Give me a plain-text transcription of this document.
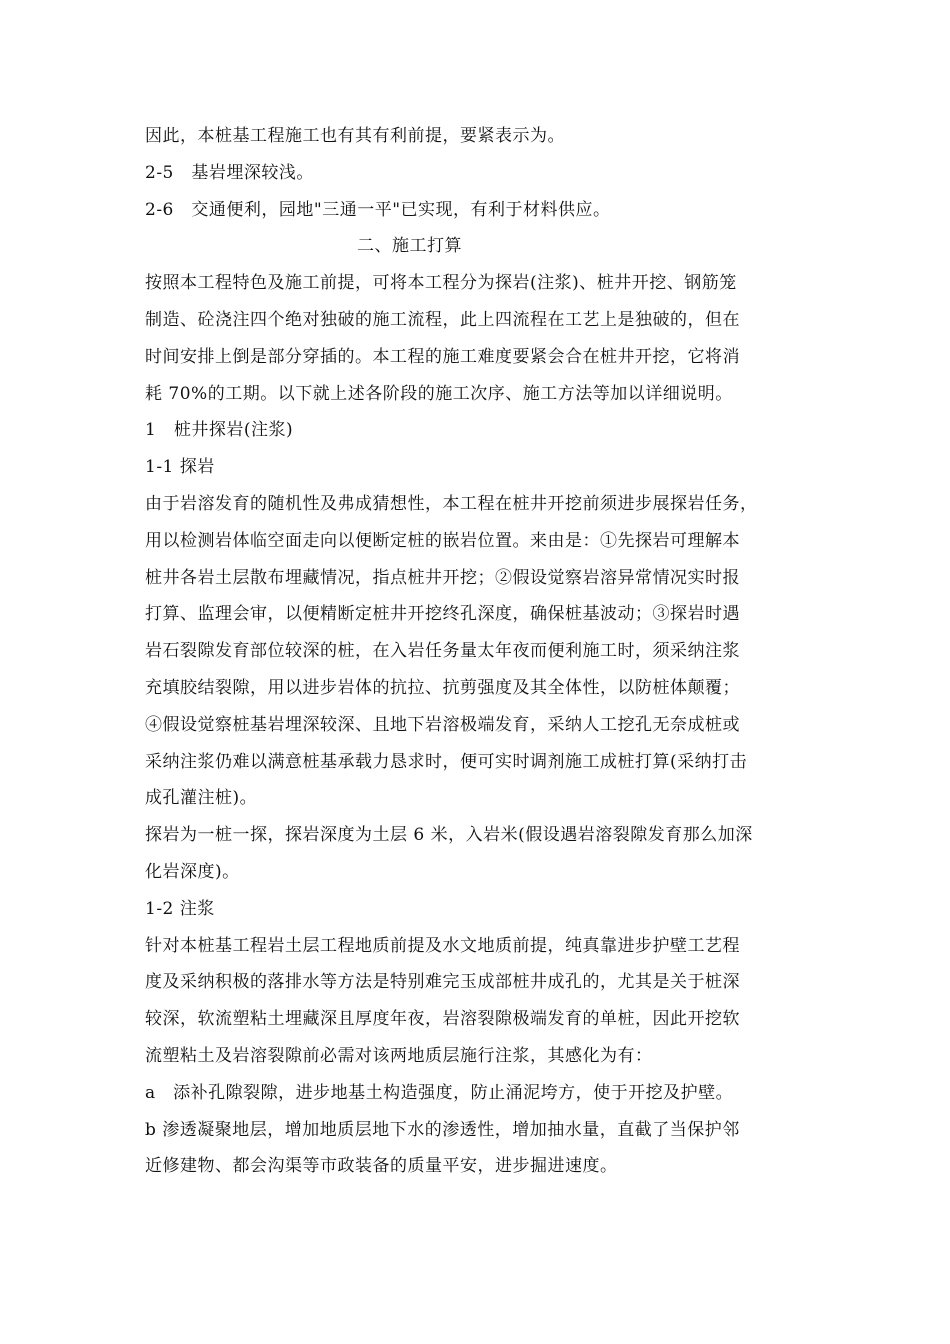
因此，本桩基工程施工也有其有利前提，要紧表示为。
2-5　基岩埋深较浅。
2-6　交通便利，园地"三通一平"已实现，有利于材料供应。
二、施工打算
按照本工程特色及施工前提，可将本工程分为探岩(注浆)、桩井开挖、钢筋笼
制造、砼浇注四个绝对独破的施工流程，此上四流程在工艺上是独破的，但在
时间安排上倒是部分穿插的。本工程的施工难度要紧会合在桩井开挖，它将消
耗 70%的工期。以下就上述各阶段的施工次序、施工方法等加以详细说明。
1　桩井探岩(注浆)
1-1 探岩
由于岩溶发育的随机性及弗成猜想性，本工程在桩井开挖前须进步展探岩任务，
用以检测岩体临空面走向以便断定桩的嵌岩位置。来由是：①先探岩可理解本
桩井各岩土层散布埋藏情况，指点桩井开挖；②假设觉察岩溶异常情况实时报
打算、监理会审，以便精断定桩井开挖终孔深度，确保桩基波动；③探岩时遇
岩石裂隙发育部位较深的桩，在入岩任务量太年夜而便利施工时，须采纳注浆
充填胶结裂隙，用以进步岩体的抗拉、抗剪强度及其全体性，以防桩体颠覆；
④假设觉察桩基岩埋深较深、且地下岩溶极端发育，采纳人工挖孔无奈成桩或
采纳注浆仍难以满意桩基承载力恳求时，便可实时调剂施工成桩打算(采纳打击
成孔灌注桩)。
探岩为一桩一探，探岩深度为土层 6 米，入岩米(假设遇岩溶裂隙发育那么加深
化岩深度)。
1-2 注浆
针对本桩基工程岩土层工程地质前提及水文地质前提，纯真靠进步护壁工艺程
度及采纳积极的落排水等方法是特别难完玉成部桩井成孔的，尤其是关于桩深
较深，软流塑粘土埋藏深且厚度年夜，岩溶裂隙极端发育的单桩，因此开挖软
流塑粘土及岩溶裂隙前必需对该两地质层施行注浆，其感化为有：
a　添补孔隙裂隙，进步地基土构造强度，防止涌泥垮方，使于开挖及护壁。
b 渗透凝聚地层，增加地质层地下水的渗透性，增加抽水量，直截了当保护邻
近修建物、都会沟渠等市政装备的质量平安，进步掘进速度。
